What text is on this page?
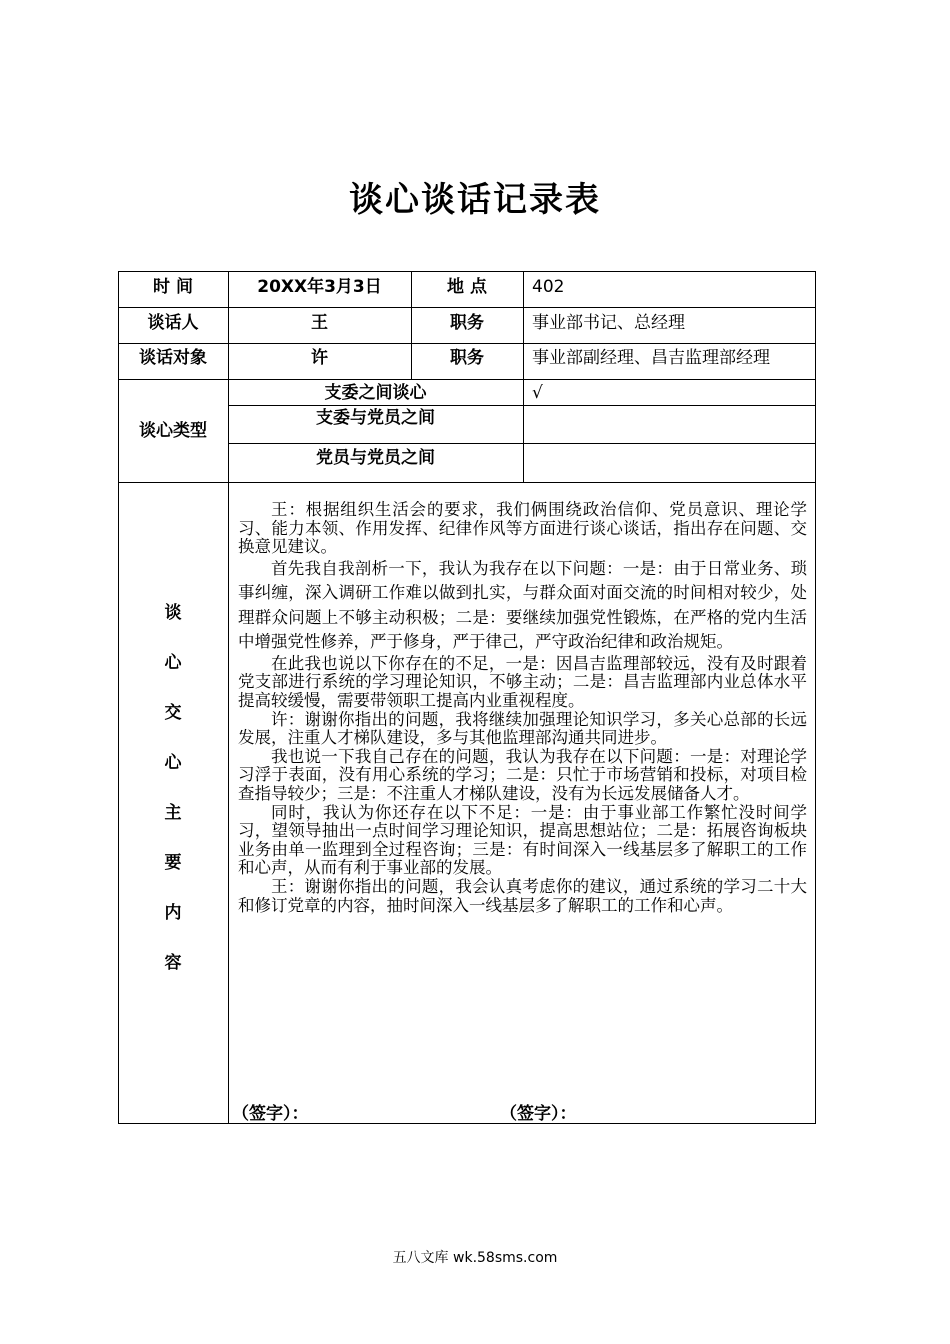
谈心谈话记录表
时 间	20XX年3月3日	地 点	402
谈话人	王	职务	事业部书记、总经理
谈话对象	许	职务	事业部副经理、昌吉监理部经理
谈心类型
支委之间谈心	√
支委与党员之间
党员与党员之间
谈
心
交
心
主
要
内
容

王：根据组织生活会的要求，我们俩围绕政治信仰、党员意识、理论学习、能力本领、作用发挥、纪律作风等方面进行谈心谈话，指出存在问题、交换意见建议。

首先我自我剖析一下，我认为我存在以下问题：一是：由于日常业务、琐事纠缠，深入调研工作难以做到扎实，与群众面对面交流的时间相对较少，处理群众问题上不够主动积极；二是：要继续加强党性锻炼，在严格的党内生活中增强党性修养，严于修身，严于律己，严守政治纪律和政治规矩。

在此我也说以下你存在的不足，一是：因昌吉监理部较远，没有及时跟着党支部进行系统的学习理论知识，不够主动；二是：昌吉监理部内业总体水平提高较缓慢，需要带领职工提高内业重视程度。

许：谢谢你指出的问题，我将继续加强理论知识学习，多关心总部的长远发展，注重人才梯队建设，多与其他监理部沟通共同进步。

我也说一下我自己存在的问题，我认为我存在以下问题：一是：对理论学习浮于表面，没有用心系统的学习；二是：只忙于市场营销和投标，对项目检查指导较少；三是：不注重人才梯队建设，没有为长远发展储备人才。

同时，我认为你还存在以下不足：一是：由于事业部工作繁忙没时间学习，望领导抽出一点时间学习理论知识，提高思想站位；二是：拓展咨询板块业务由单一监理到全过程咨询；三是：有时间深入一线基层多了解职工的工作和心声，从而有利于事业部的发展。

王：谢谢你指出的问题，我会认真考虑你的建议，通过系统的学习二十大和修订党章的内容，抽时间深入一线基层多了解职工的工作和心声。

（签字）：	（签字）：
五八文库 wk.58sms.com
